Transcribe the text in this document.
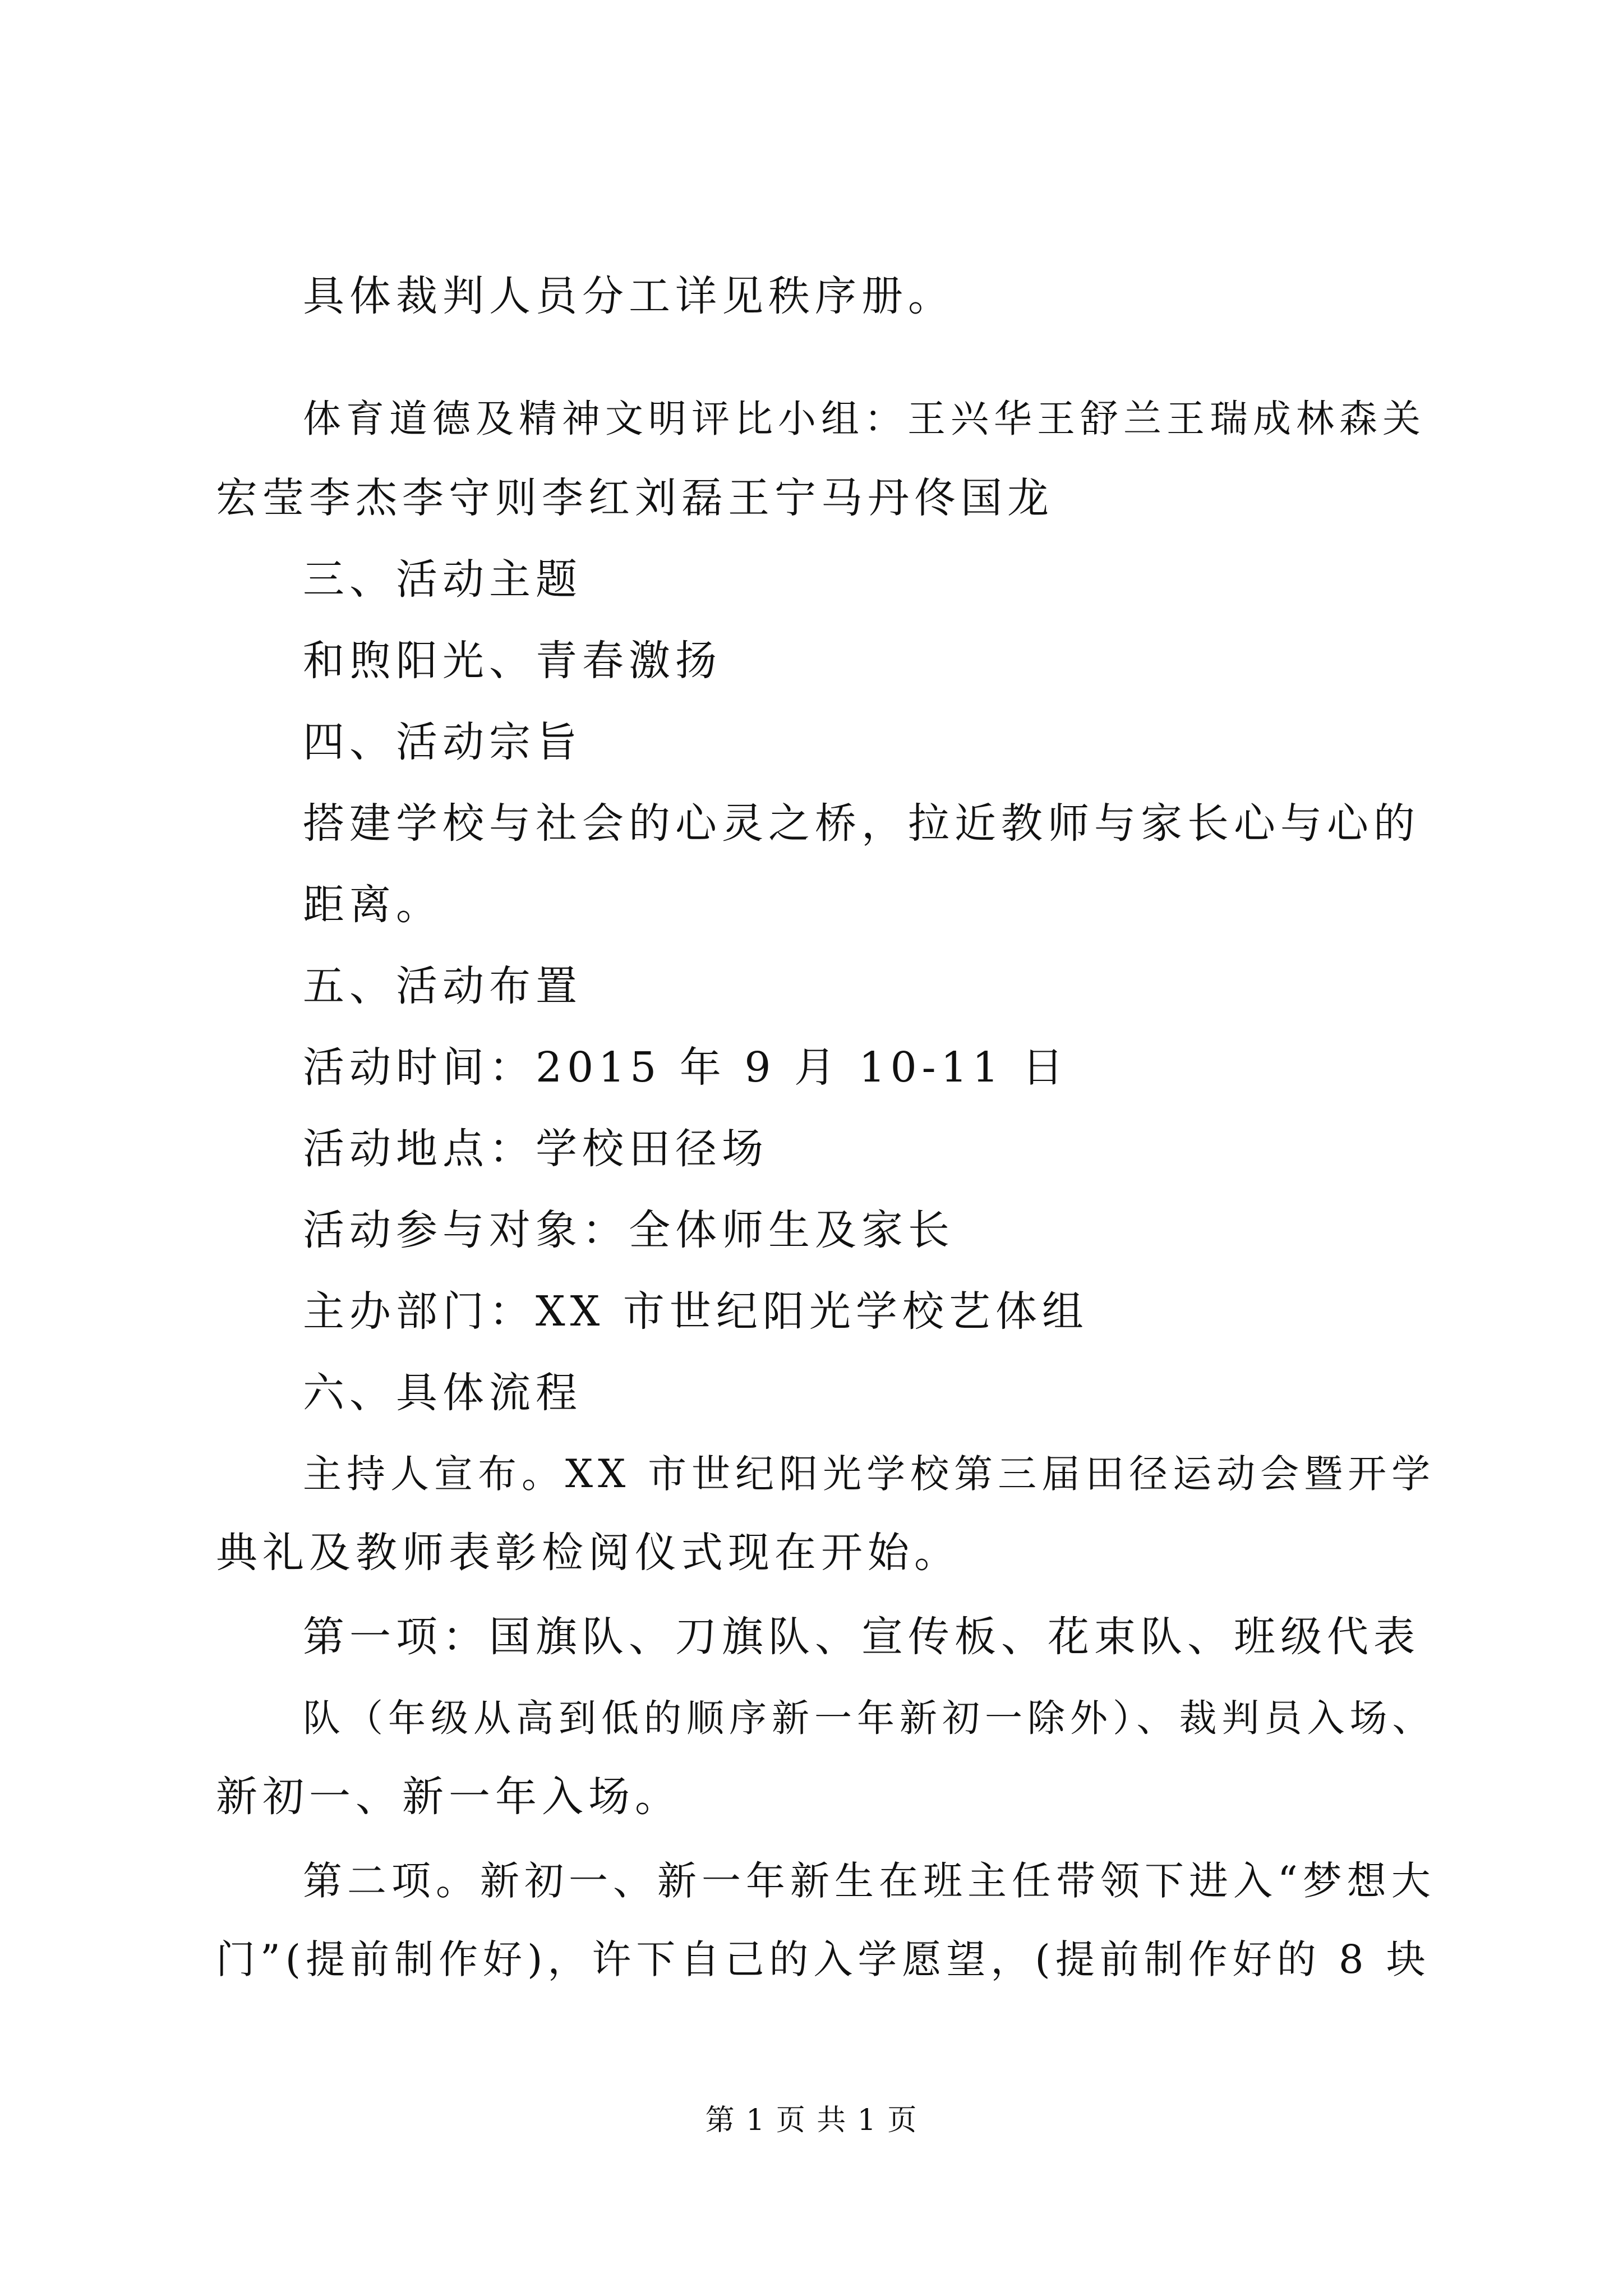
具体裁判人员分工详见秩序册。
体育道德及精神文明评比小组：王兴华王舒兰王瑞成林森关
宏莹李杰李守则李红刘磊王宁马丹佟国龙
三、活动主题
和煦阳光、青春激扬
四、活动宗旨
搭建学校与社会的心灵之桥，拉近教师与家长心与心的
距离。
五、活动布置
活动时间：2015 年 9 月 10-11 日
活动地点：学校田径场
活动参与对象：全体师生及家长
主办部门：XX 市世纪阳光学校艺体组
六、具体流程
主持人宣布。XX 市世纪阳光学校第三届田径运动会暨开学
典礼及教师表彰检阅仪式现在开始。
第一项：国旗队、刀旗队、宣传板、花束队、班级代表
队（年级从高到低的顺序新一年新初一除外）、裁判员入场、
新初一、新一年入场。
第二项。新初一、新一年新生在班主任带领下进入“梦想大
门”(提前制作好)，许下自己的入学愿望，(提前制作好的 8 块
第 1 页 共 1 页
